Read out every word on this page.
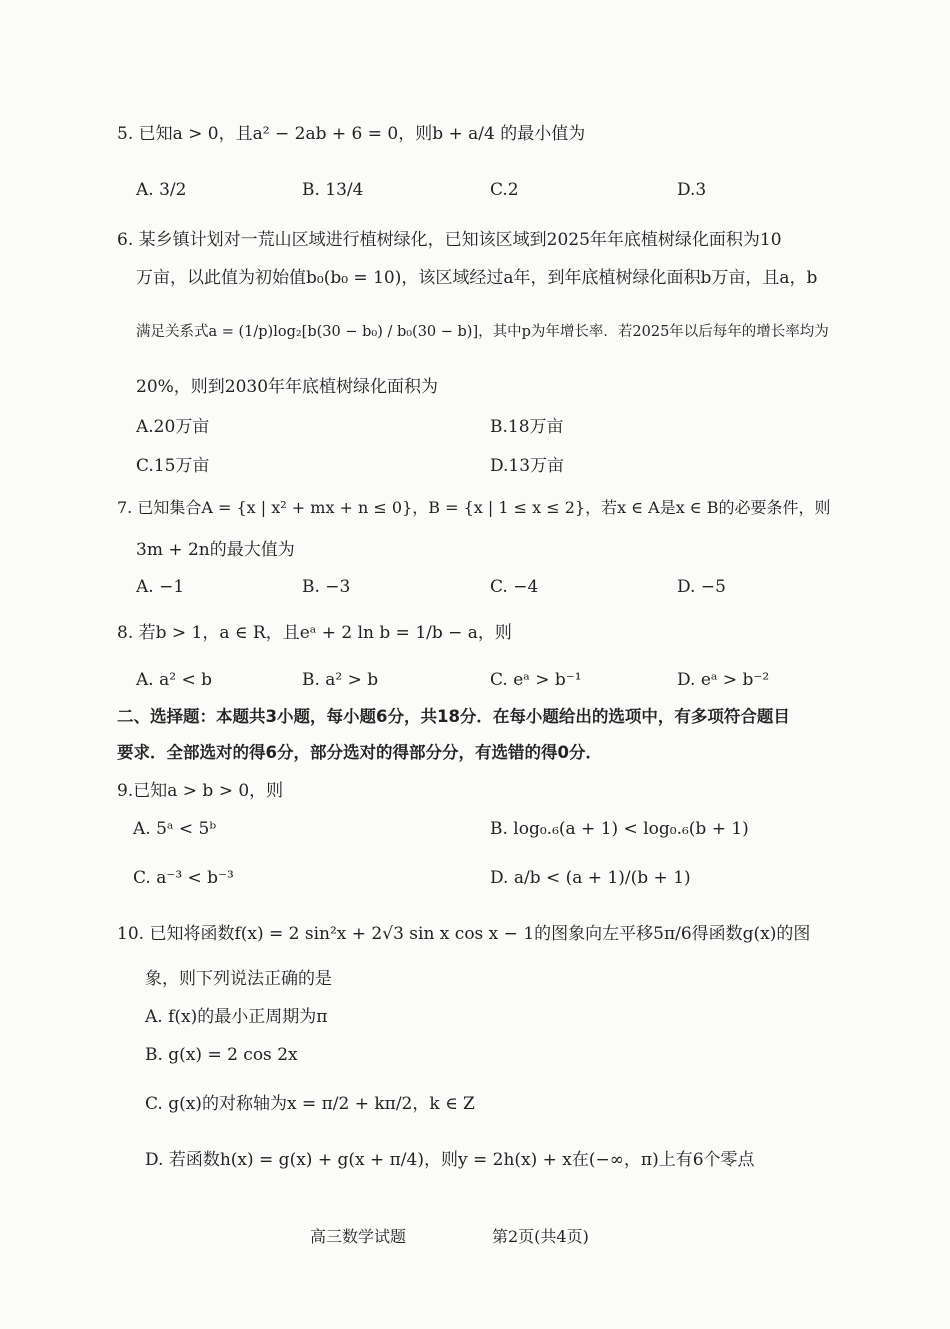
5. 已知a > 0，且a² − 2ab + 6 = 0，则b + a/4 的最小值为
A. 3/2	B. 13/4	C.2	D.3
6. 某乡镇计划对一荒山区域进行植树绿化，已知该区域到2025年年底植树绿化面积为10
万亩，以此值为初始值b₀(b₀ = 10)，该区域经过a年，到年底植树绿化面积b万亩，且a，b
满足关系式a = (1/p)log₂[b(30 − b₀) / b₀(30 − b)]，其中p为年增长率．若2025年以后每年的增长率均为
20%，则到2030年年底植树绿化面积为
A.20万亩	B.18万亩
C.15万亩	D.13万亩
7. 已知集合A = {x | x² + mx + n ≤ 0}，B = {x | 1 ≤ x ≤ 2}，若x ∈ A是x ∈ B的必要条件，则
3m + 2n的最大值为
A. −1	B. −3	C. −4	D. −5
8. 若b > 1，a ∈ R，且eᵃ + 2 ln b = 1/b − a，则
A. a² < b	B. a² > b	C. eᵃ > b⁻¹	D. eᵃ > b⁻²
二、选择题：本题共3小题，每小题6分，共18分．在每小题给出的选项中，有多项符合题目
要求．全部选对的得6分，部分选对的得部分分，有选错的得0分．
9.已知a > b > 0，则
A. 5ᵃ < 5ᵇ	B. log₀.₆(a + 1) < log₀.₆(b + 1)
C. a⁻³ < b⁻³	D. a/b < (a + 1)/(b + 1)
10. 已知将函数f(x) = 2 sin²x + 2√3 sin x cos x − 1的图象向左平移5π/6得函数g(x)的图
象，则下列说法正确的是
A. f(x)的最小正周期为π
B. g(x) = 2 cos 2x
C. g(x)的对称轴为x = π/2 + kπ/2，k ∈ Z
D. 若函数h(x) = g(x) + g(x + π/4)，则y = 2h(x) + x在(−∞，π)上有6个零点
高三数学试题	第2页(共4页)
